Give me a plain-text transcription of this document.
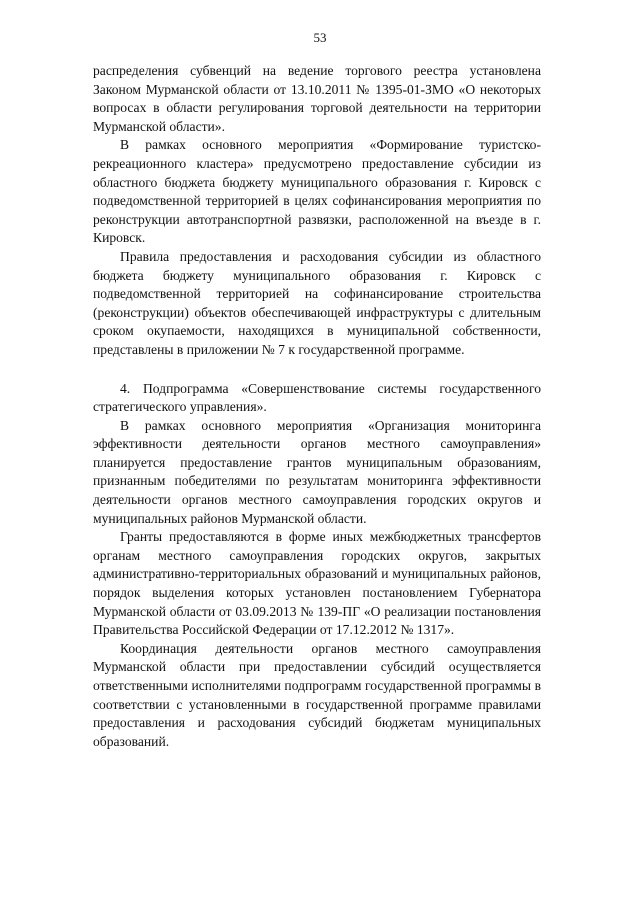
53

распределения субвенций на ведение торгового реестра установлена Законом Мурманской области от 13.10.2011 № 1395-01-ЗМО «О некоторых вопросах в области регулирования торговой деятельности на территории Мурманской области».

В рамках основного мероприятия «Формирование туристско-рекреационного кластера» предусмотрено предоставление субсидии из областного бюджета бюджету муниципального образования г. Кировск с подведомственной территорией в целях софинансирования мероприятия по реконструкции автотранспортной развязки, расположенной на въезде в г. Кировск.

Правила предоставления и расходования субсидии из областного бюджета бюджету муниципального образования г. Кировск с подведомственной территорией на софинансирование строительства (реконструкции) объектов обеспечивающей инфраструктуры с длительным сроком окупаемости, находящихся в муниципальной собственности, представлены в приложении № 7 к государственной программе.

4. Подпрограмма «Совершенствование системы государственного стратегического управления».

В рамках основного мероприятия «Организация мониторинга эффективности деятельности органов местного самоуправления» планируется предоставление грантов муниципальным образованиям, признанным победителями по результатам мониторинга эффективности деятельности органов местного самоуправления городских округов и муниципальных районов Мурманской области.

Гранты предоставляются в форме иных межбюджетных трансфертов органам местного самоуправления городских округов, закрытых административно-территориальных образований и муниципальных районов, порядок выделения которых установлен постановлением Губернатора Мурманской области от 03.09.2013 № 139-ПГ «О реализации постановления Правительства Российской Федерации от 17.12.2012 № 1317».

Координация деятельности органов местного самоуправления Мурманской области при предоставлении субсидий осуществляется ответственными исполнителями подпрограмм государственной программы в соответствии с установленными в государственной программе правилами предоставления и расходования субсидий бюджетам муниципальных образований.
